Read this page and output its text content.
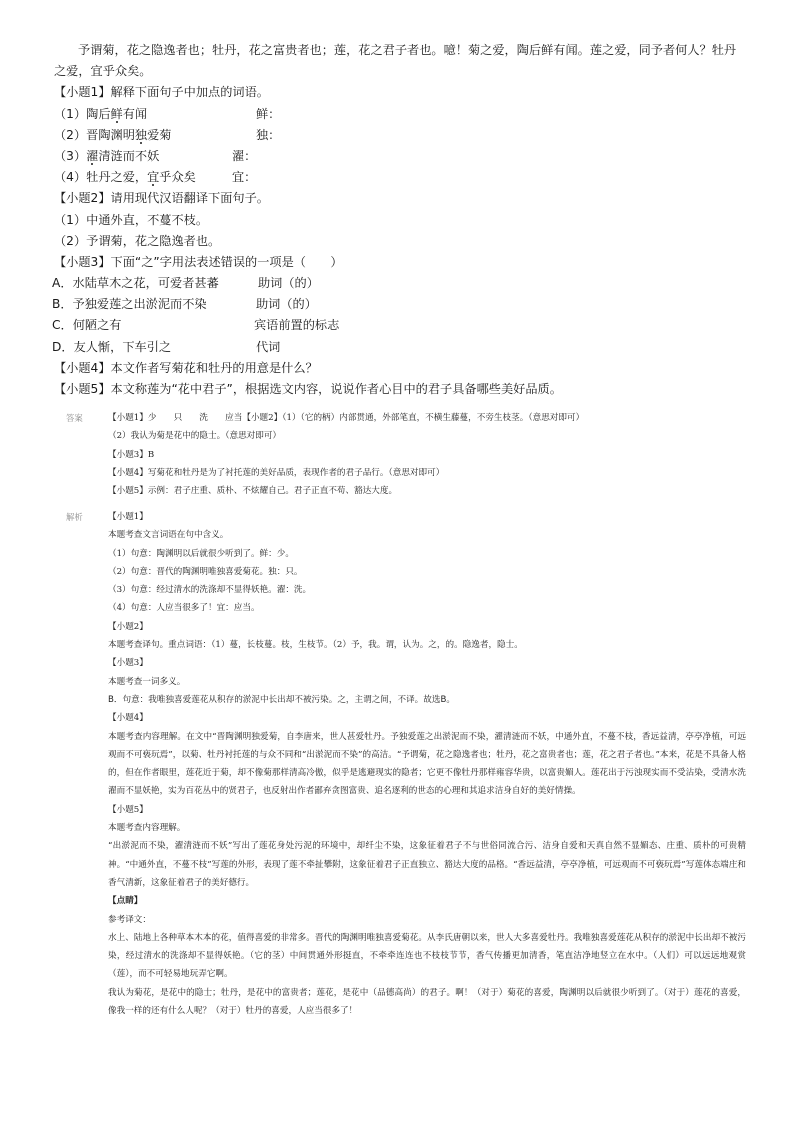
予谓菊，花之隐逸者也；牡丹，花之富贵者也；莲，花之君子者也。噫！菊之爱，陶后鲜有闻。莲之爱，同予者何人？牡丹之爱，宜乎众矣。
【小题1】解释下面句子中加点的词语。
（1）陶后鲜有闻	鲜：
（2）晋陶渊明独爱菊	独：
（3）濯清涟而不妖	濯：
（4）牡丹之爱，宜乎众矣	宜：
【小题2】请用现代汉语翻译下面句子。
（1）中通外直，不蔓不枝。
（2）予谓菊，花之隐逸者也。
【小题3】下面“之”字用法表述错误的一项是（　　）
A．水陆草木之花，可爱者甚蕃	助词（的）
B．予独爱莲之出淤泥而不染	助词（的）
C．何陋之有	宾语前置的标志
D．友人惭，下车引之	代词
【小题4】本文作者写菊花和牡丹的用意是什么？
【小题5】本文称莲为“花中君子”，根据选文内容，说说作者心目中的君子具备哪些美好品质。
答案	【小题1】少　　只　　洗　　应当【小题2】（1）（它的柄）内部贯通，外部笔直，不横生藤蔓，不旁生枝茎。（意思对即可）
（2）我认为菊是花中的隐士。（意思对即可）
【小题3】B
【小题4】写菊花和牡丹是为了衬托莲的美好品质，表现作者的君子品行。（意思对即可）
【小题5】示例：君子庄重、质朴、不炫耀自己。君子正直不苟、豁达大度。
解析	【小题1】
本题考查文言词语在句中含义。
（1）句意：陶渊明以后就很少听到了。鲜：少。
（2）句意：晋代的陶渊明唯独喜爱菊花。独：只。
（3）句意：经过清水的洗涤却不显得妖艳。濯：洗。
（4）句意：人应当很多了！宜：应当。
【小题2】
本题考查译句。重点词语：（1）蔓，长枝蔓。枝，生枝节。（2）予，我。谓，认为。之，的。隐逸者，隐士。
【小题3】
本题考查一词多义。
B．句意：我唯独喜爱莲花从积存的淤泥中长出却不被污染。之，主谓之间，不译。故选B。
【小题4】
本题考查内容理解。在文中“晋陶渊明独爱菊，自李唐来，世人甚爱牡丹。予独爱莲之出淤泥而不染，濯清涟而不妖，中通外直，不蔓不枝，香远益清，亭亭净植，可远观而不可亵玩焉”，以菊、牡丹衬托莲的与众不同和“出淤泥而不染”的高洁。“予谓菊，花之隐逸者也；牡丹，花之富贵者也；莲，花之君子者也。”本来，花是不具备人格的，但在作者眼里，莲花近于菊，却不像菊那样清高冷傲，似乎是逃避现实的隐者；它更不像牡丹那样雍容华贵，以富贵媚人。莲花出于污浊现实而不受沾染，受清水洗濯而不显妖艳，实为百花丛中的贤君子，也反射出作者鄙弃贪图富贵、追名逐利的世态的心理和其追求洁身自好的美好情操。
【小题5】
本题考查内容理解。
“出淤泥而不染，濯清涟而不妖”写出了莲花身处污泥的环境中，却纤尘不染，这象征着君子不与世俗同流合污、洁身自爱和天真自然不显媚态、庄重、质朴的可贵精神。“中通外直，不蔓不枝”写莲的外形，表现了莲不牵扯攀附，这象征着君子正直独立、豁达大度的品格。“香远益清，亭亭净植，可远观而不可亵玩焉”写莲体态端庄和香气清新，这象征着君子的美好德行。
【点睛】
参考译文：
水上、陆地上各种草本木本的花，值得喜爱的非常多。晋代的陶渊明唯独喜爱菊花。从李氏唐朝以来，世人大多喜爱牡丹。我唯独喜爱莲花从积存的淤泥中长出却不被污染，经过清水的洗涤却不显得妖艳。（它的茎）中间贯通外形挺直，不牵牵连连也不枝枝节节，香气传播更加清香，笔直洁净地竖立在水中。（人们）可以远远地观赏（莲），而不可轻易地玩弄它啊。
我认为菊花，是花中的隐士；牡丹，是花中的富贵者；莲花，是花中（品德高尚）的君子。啊！（对于）菊花的喜爱，陶渊明以后就很少听到了。（对于）莲花的喜爱，像我一样的还有什么人呢？（对于）牡丹的喜爱，人应当很多了！
